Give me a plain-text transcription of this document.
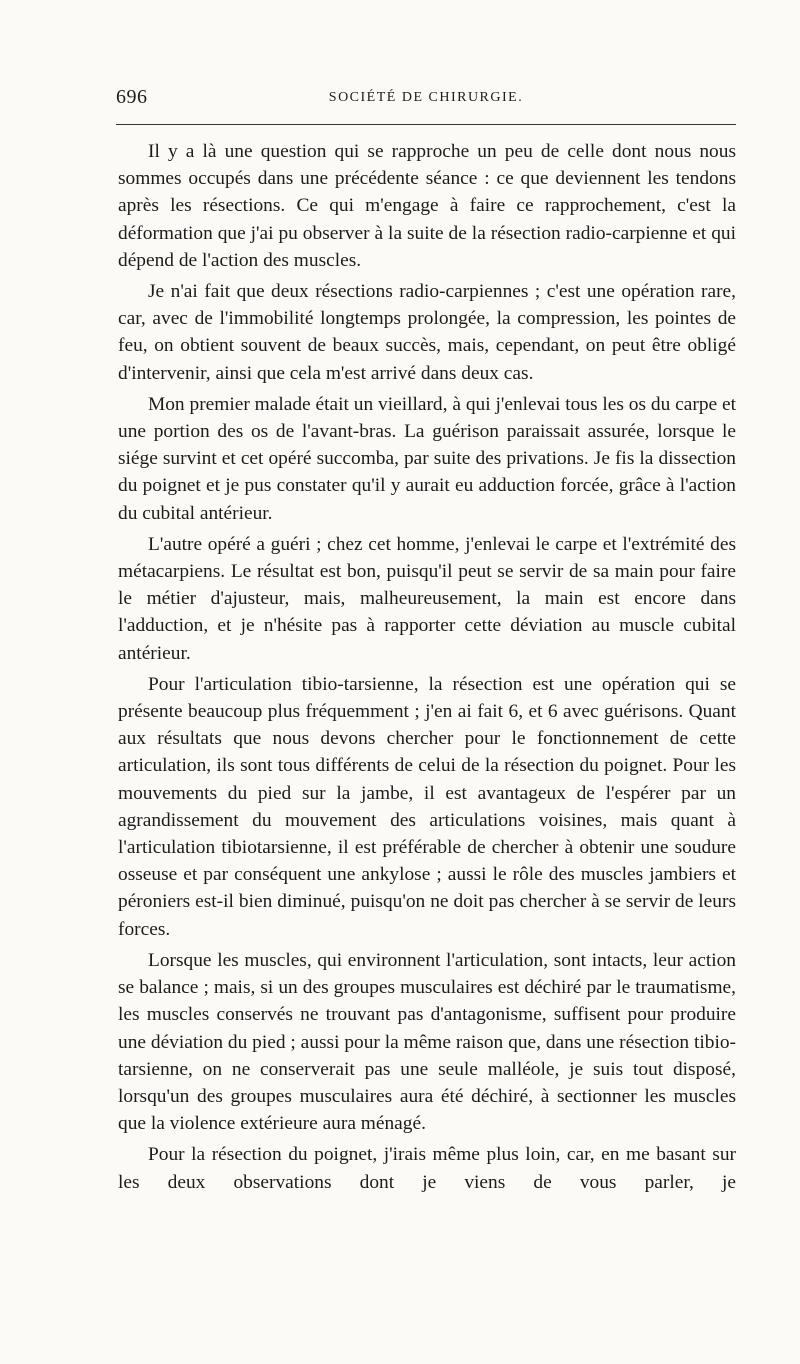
696	SOCIÉTÉ DE CHIRURGIE.

Il y a là une question qui se rapproche un peu de celle dont nous nous sommes occupés dans une précédente séance : ce que deviennent les tendons après les résections. Ce qui m'engage à faire ce rapprochement, c'est la déformation que j'ai pu observer à la suite de la résection radio-carpienne et qui dépend de l'action des muscles.

Je n'ai fait que deux résections radio-carpiennes ; c'est une opération rare, car, avec de l'immobilité longtemps prolongée, la compression, les pointes de feu, on obtient souvent de beaux succès, mais, cependant, on peut être obligé d'intervenir, ainsi que cela m'est arrivé dans deux cas.

Mon premier malade était un vieillard, à qui j'enlevai tous les os du carpe et une portion des os de l'avant-bras. La guérison paraissait assurée, lorsque le siége survint et cet opéré succomba, par suite des privations. Je fis la dissection du poignet et je pus constater qu'il y aurait eu adduction forcée, grâce à l'action du cubital antérieur.

L'autre opéré a guéri ; chez cet homme, j'enlevai le carpe et l'extrémité des métacarpiens. Le résultat est bon, puisqu'il peut se servir de sa main pour faire le métier d'ajusteur, mais, malheureusement, la main est encore dans l'adduction, et je n'hésite pas à rapporter cette déviation au muscle cubital antérieur.

Pour l'articulation tibio-tarsienne, la résection est une opération qui se présente beaucoup plus fréquemment ; j'en ai fait 6, et 6 avec guérisons. Quant aux résultats que nous devons chercher pour le fonctionnement de cette articulation, ils sont tous différents de celui de la résection du poignet. Pour les mouvements du pied sur la jambe, il est avantageux de l'espérer par un agrandissement du mouvement des articulations voisines, mais quant à l'articulation tibiotarsienne, il est préférable de chercher à obtenir une soudure osseuse et par conséquent une ankylose ; aussi le rôle des muscles jambiers et péroniers est-il bien diminué, puisqu'on ne doit pas chercher à se servir de leurs forces.

Lorsque les muscles, qui environnent l'articulation, sont intacts, leur action se balance ; mais, si un des groupes musculaires est déchiré par le traumatisme, les muscles conservés ne trouvant pas d'antagonisme, suffisent pour produire une déviation du pied ; aussi pour la même raison que, dans une résection tibio-tarsienne, on ne conserverait pas une seule malléole, je suis tout disposé, lorsqu'un des groupes musculaires aura été déchiré, à sectionner les muscles que la violence extérieure aura ménagé.

Pour la résection du poignet, j'irais même plus loin, car, en me basant sur les deux observations dont je viens de vous parler, je
